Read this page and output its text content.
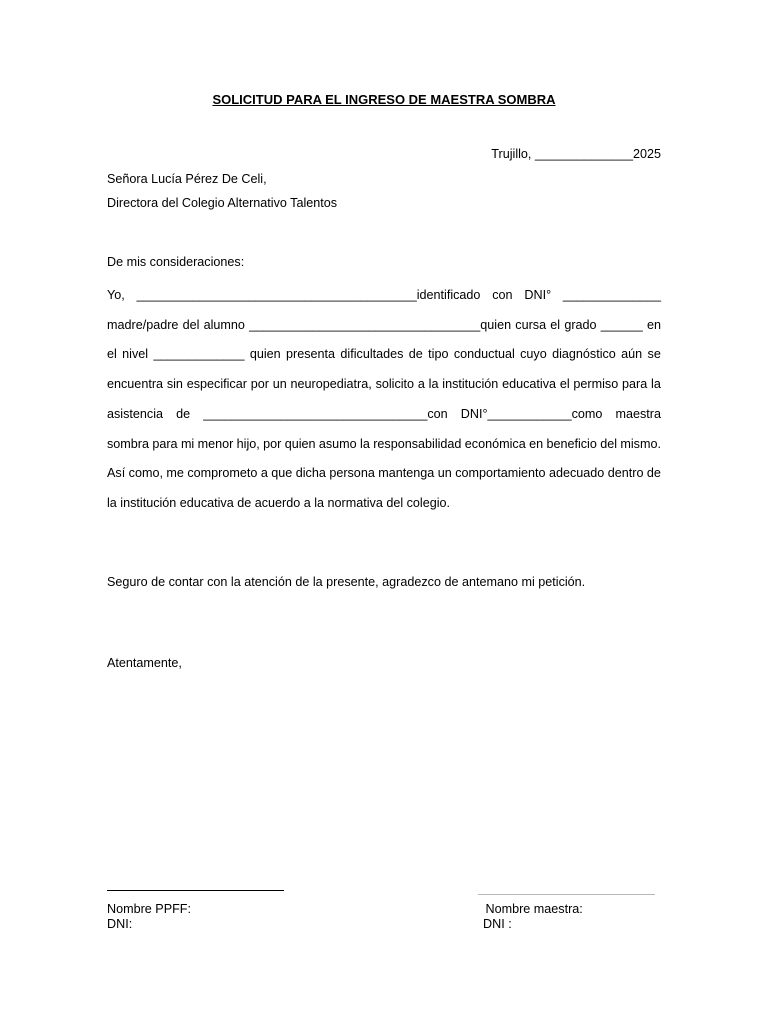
SOLICITUD PARA EL INGRESO DE MAESTRA SOMBRA
Trujillo, ______________2025
Señora Lucía Pérez De Celi,
Directora del Colegio Alternativo Talentos
De mis consideraciones:
Yo, ________________________________________identificado con DNI° ______________
madre/padre del alumno _________________________________quien cursa el grado ______ en
el nivel _____________ quien presenta dificultades de tipo conductual cuyo diagnóstico aún se
encuentra sin especificar por un neuropediatra, solicito a la institución educativa el permiso para la
asistencia de ________________________________con DNI°____________como maestra
sombra para mi menor hijo, por quien asumo la responsabilidad económica en beneficio del mismo.
Así como, me comprometo a que dicha persona mantenga un comportamiento adecuado dentro de
la institución educativa de acuerdo a la normativa del colegio.
Seguro de contar con la atención de la presente, agradezco de antemano mi petición.
Atentamente,
Nombre PPFF:
DNI:
Nombre maestra:
DNI :
